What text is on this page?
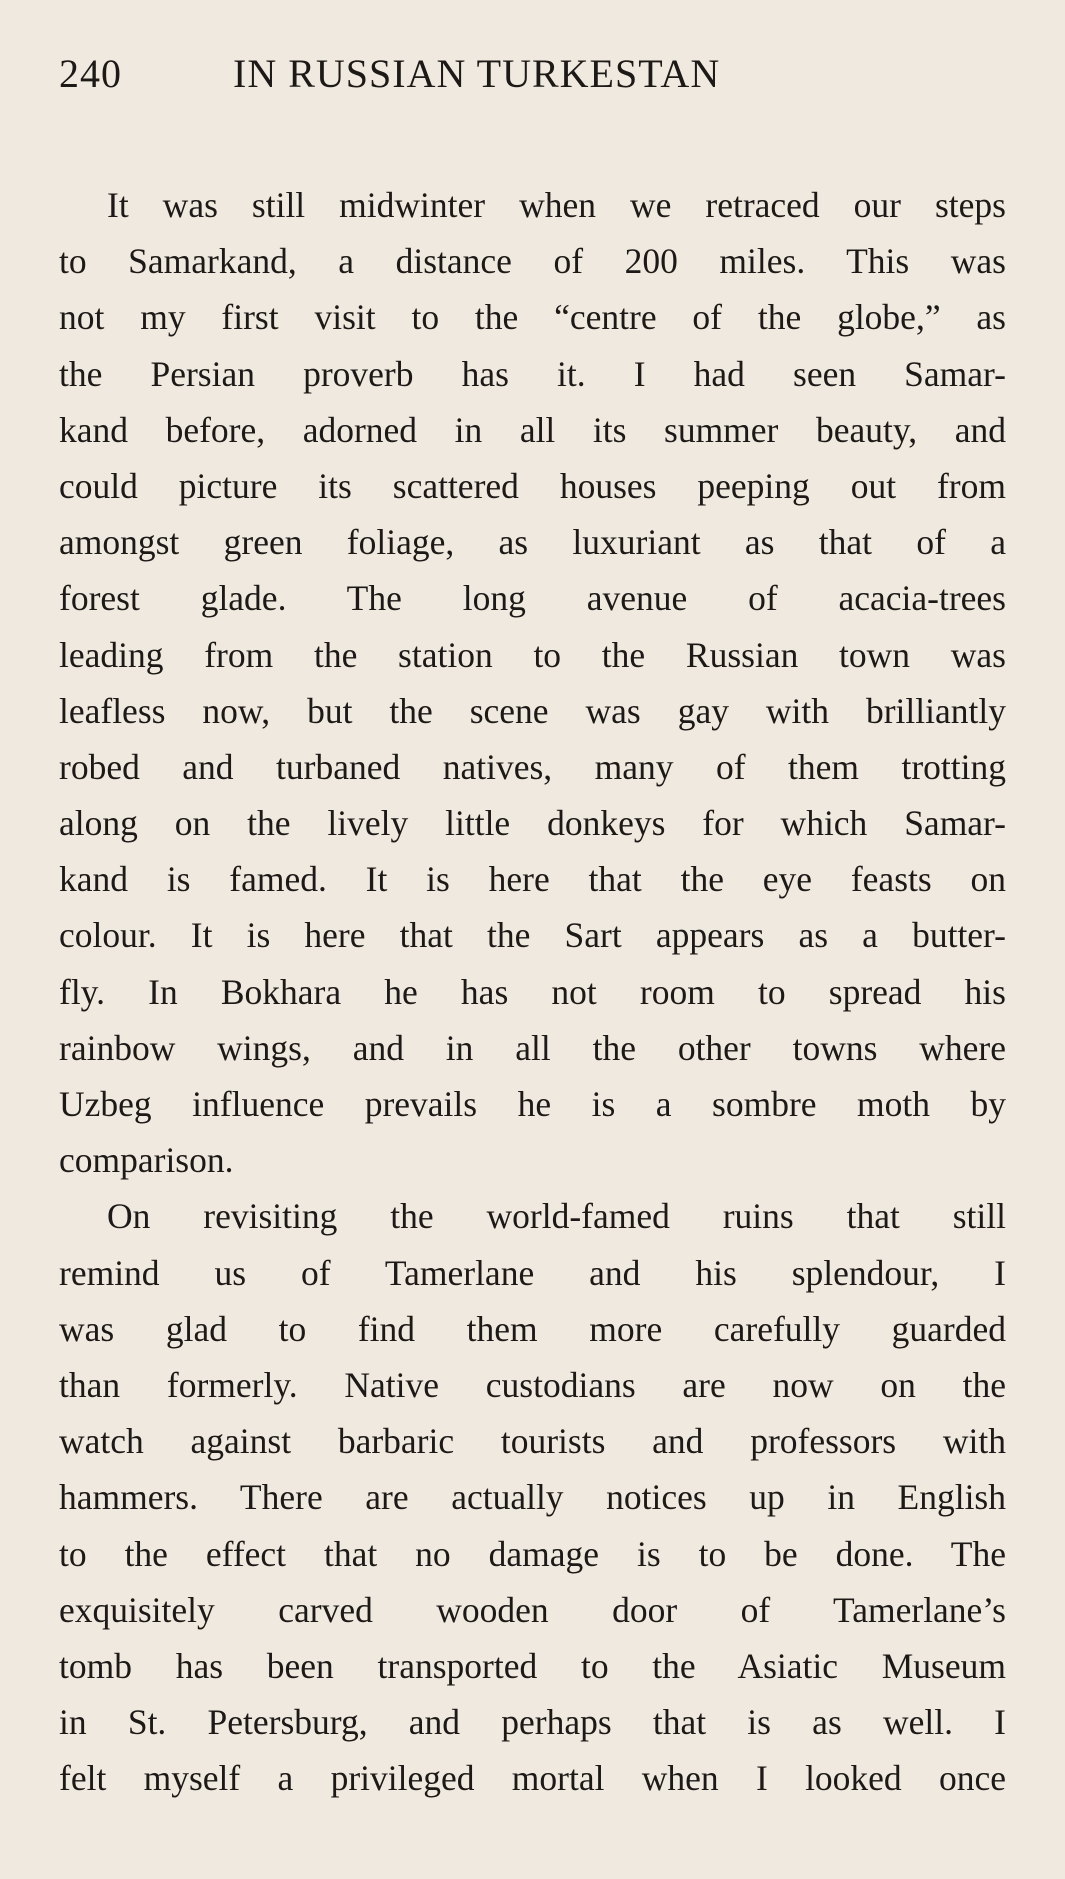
240	IN RUSSIAN TURKESTAN

It was still midwinter when we retraced our steps
to Samarkand, a distance of 200 miles. This was
not my first visit to the “centre of the globe,” as
the Persian proverb has it. I had seen Samar-
kand before, adorned in all its summer beauty, and
could picture its scattered houses peeping out from
amongst green foliage, as luxuriant as that of a
forest glade. The long avenue of acacia-trees
leading from the station to the Russian town was
leafless now, but the scene was gay with brilliantly
robed and turbaned natives, many of them trotting
along on the lively little donkeys for which Samar-
kand is famed. It is here that the eye feasts on
colour. It is here that the Sart appears as a butter-
fly. In Bokhara he has not room to spread his
rainbow wings, and in all the other towns where
Uzbeg influence prevails he is a sombre moth by
comparison.

On revisiting the world-famed ruins that still
remind us of Tamerlane and his splendour, I
was glad to find them more carefully guarded
than formerly. Native custodians are now on the
watch against barbaric tourists and professors with
hammers. There are actually notices up in English
to the effect that no damage is to be done. The
exquisitely carved wooden door of Tamerlane’s
tomb has been transported to the Asiatic Museum
in St. Petersburg, and perhaps that is as well. I
felt myself a privileged mortal when I looked once
